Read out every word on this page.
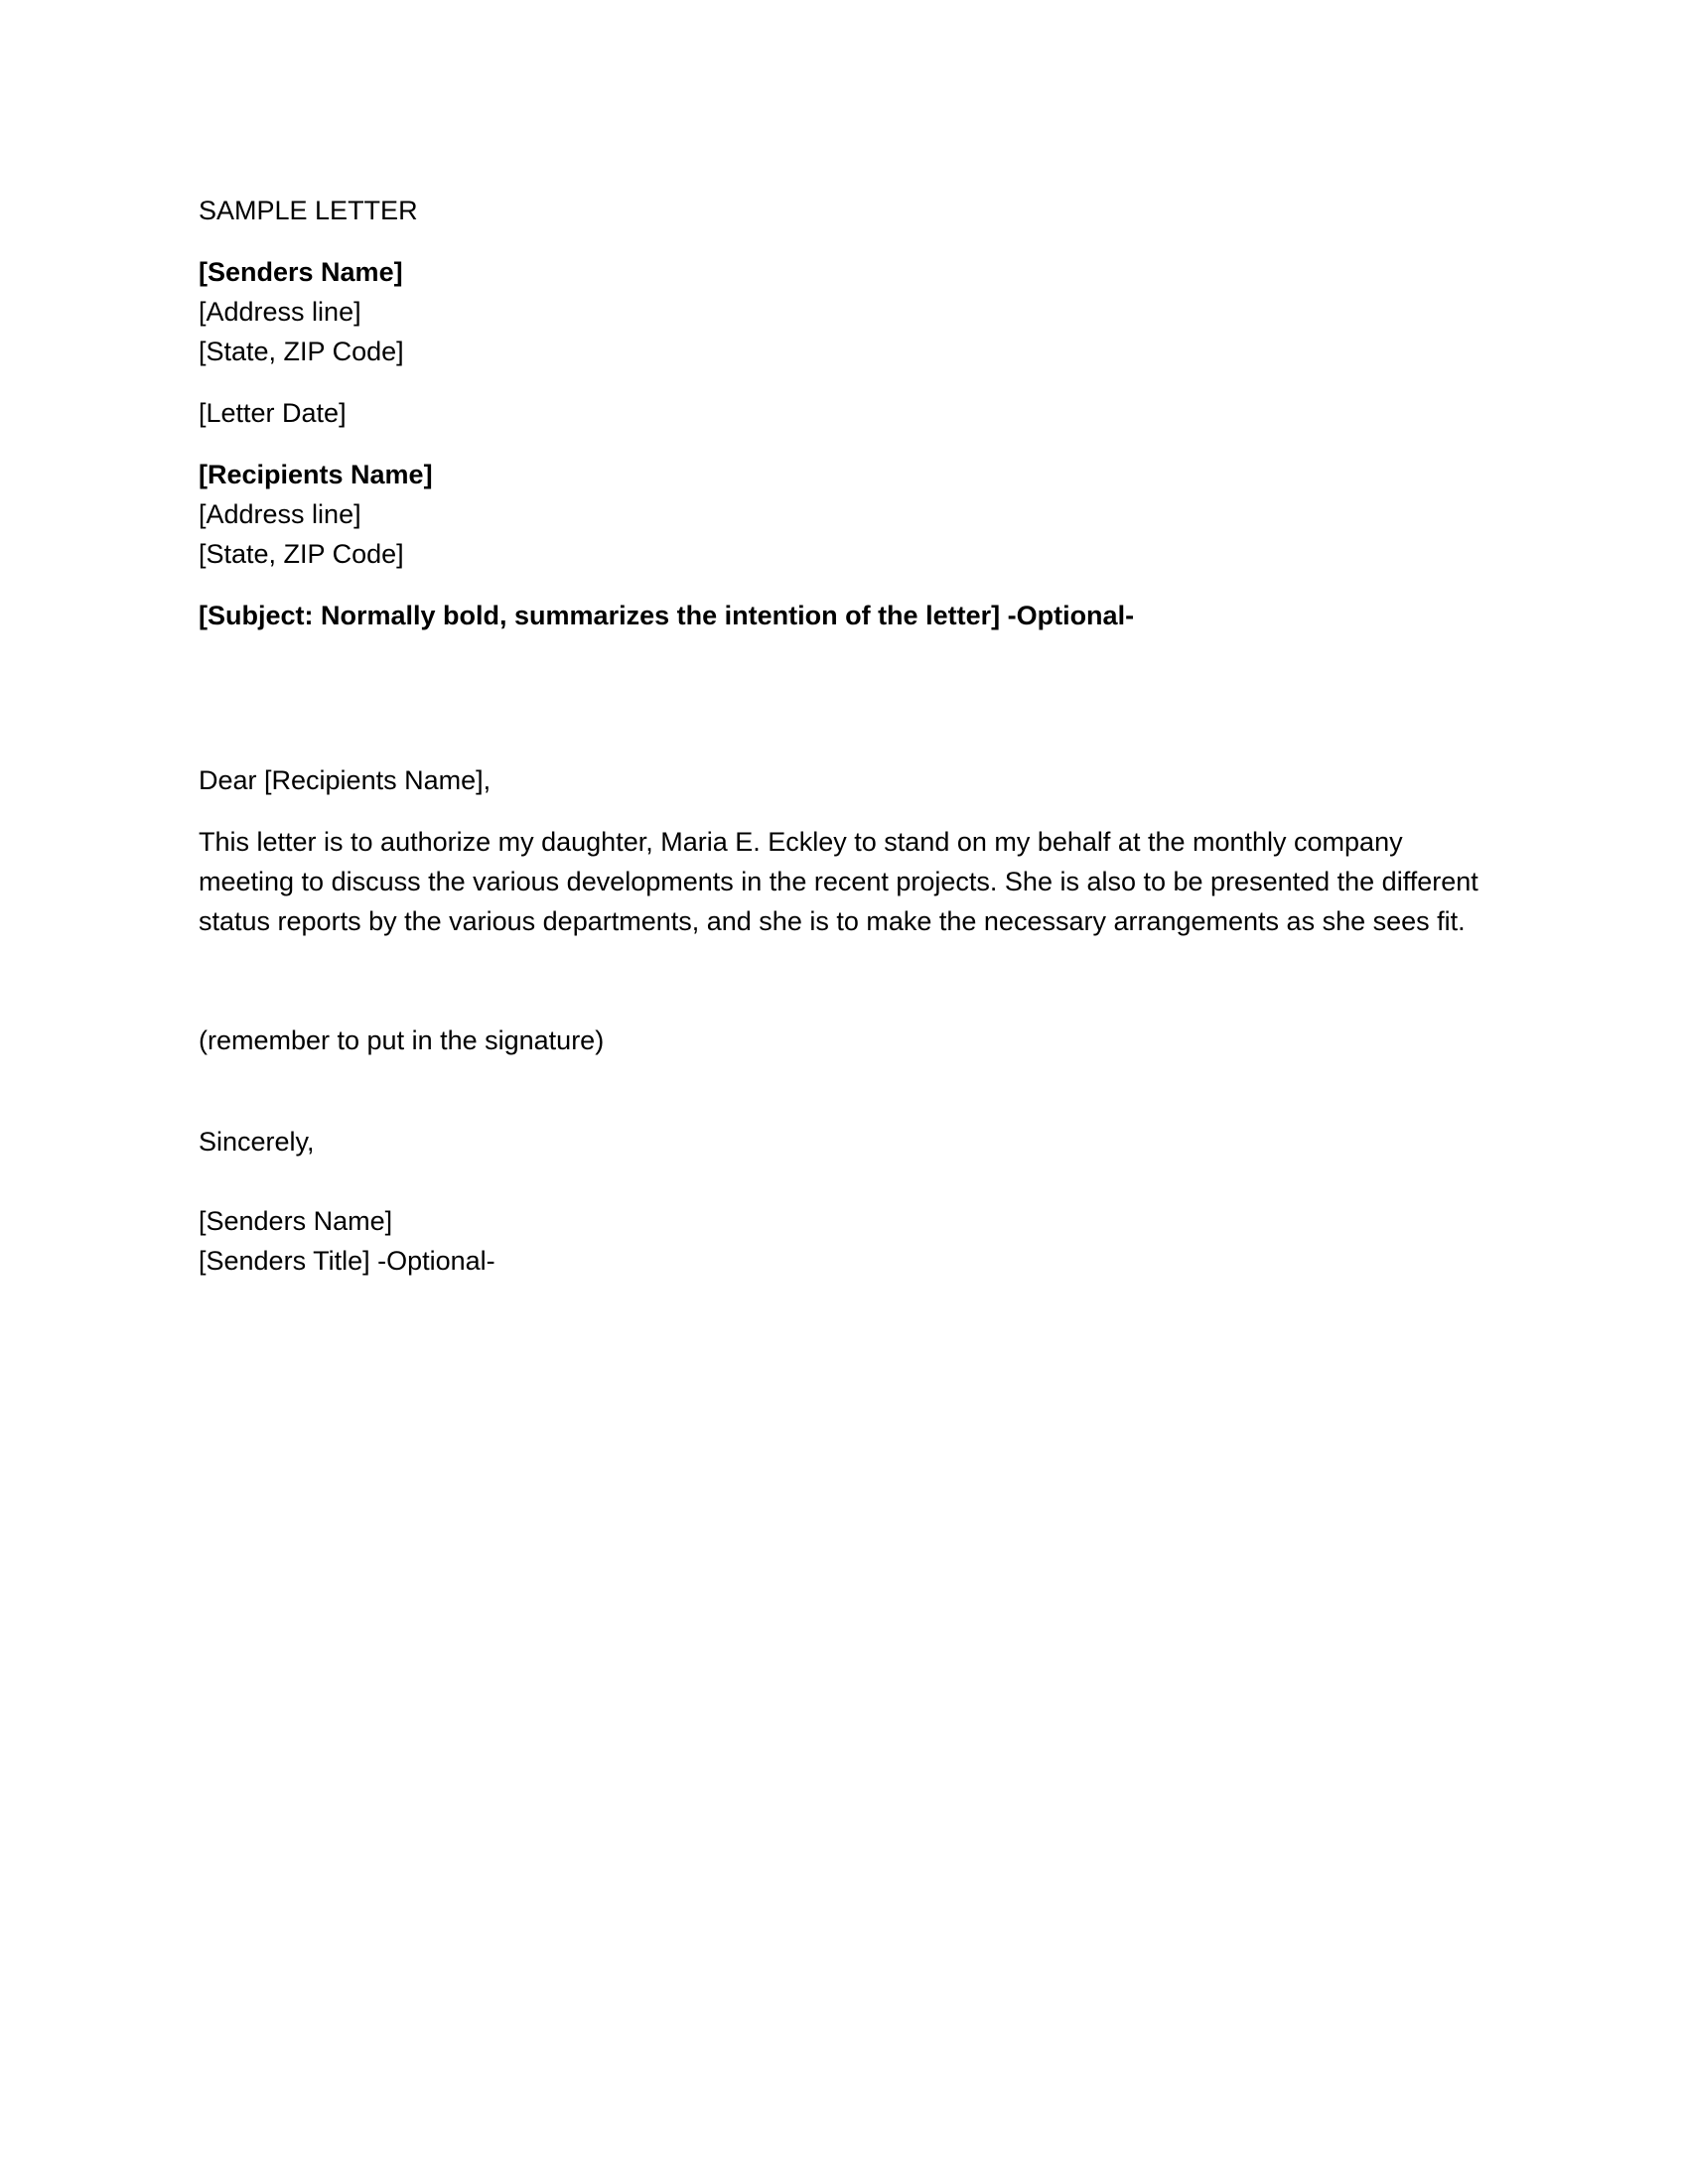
SAMPLE LETTER
[Senders Name]
[Address line]
[State, ZIP Code]
[Letter Date]
[Recipients Name]
[Address line]
[State, ZIP Code]
[Subject: Normally bold, summarizes the intention of the letter] -Optional-
Dear [Recipients Name],
This letter is to authorize my daughter, Maria E. Eckley to stand on my behalf at the monthly company meeting to discuss the various developments in the recent projects. She is also to be presented the different status reports by the various departments, and she is to make the necessary arrangements as she sees fit.
(remember to put in the signature)
Sincerely,
[Senders Name]
[Senders Title] -Optional-
